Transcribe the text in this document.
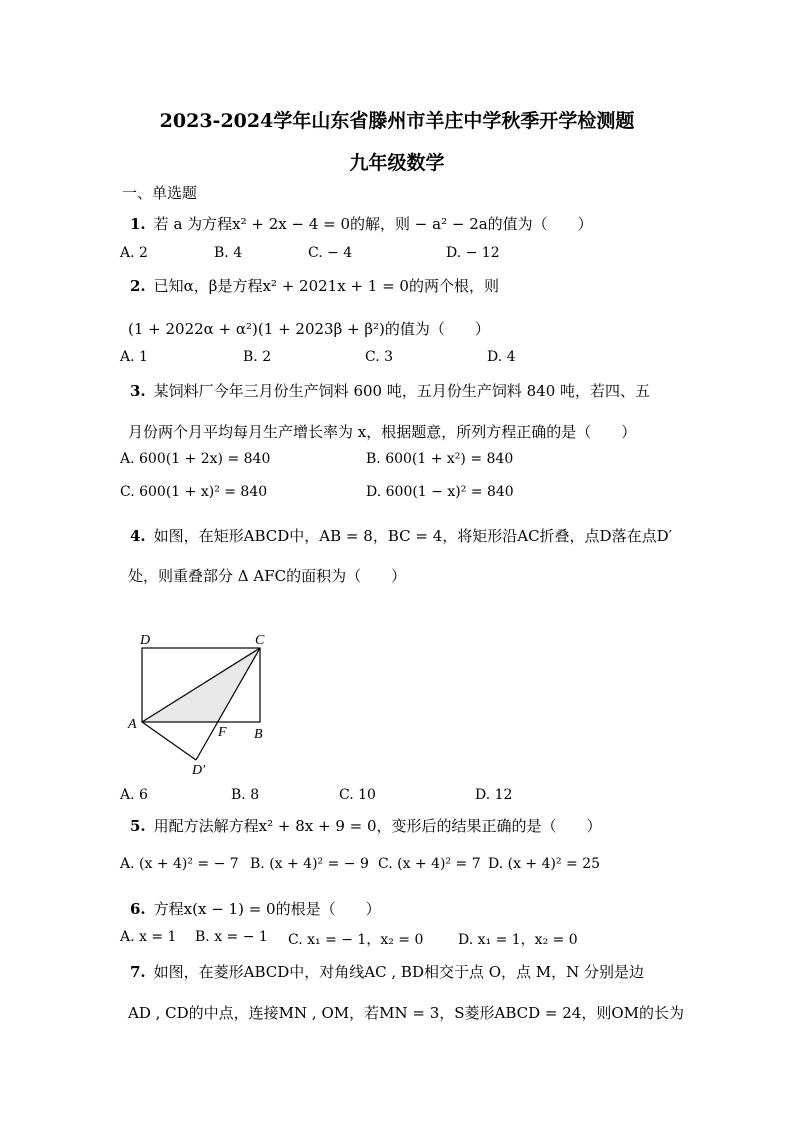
2023-2024学年山东省滕州市羊庄中学秋季开学检测题
九年级数学
一、单选题
1. 若 a 为方程x² + 2x − 4 = 0的解，则 − a² − 2a的值为（　　）
A. 2	B. 4	C. − 4	D. − 12
2. 已知α，β是方程x² + 2021x + 1 = 0的两个根，则
(1 + 2022α + α²)(1 + 2023β + β²)的值为（　　）
A. 1	B. 2	C. 3	D. 4
3. 某饲料厂今年三月份生产饲料 600 吨，五月份生产饲料 840 吨，若四、五
月份两个月平均每月生产增长率为 x，根据题意，所列方程正确的是（　　）
A. 600(1 + 2x) = 840	B. 600(1 + x²) = 840
C. 600(1 + x)² = 840	D. 600(1 − x)² = 840
4. 如图，在矩形ABCD中，AB = 8，BC = 4，将矩形沿AC折叠，点D落在点D′
处，则重叠部分 Δ AFC的面积为（　　）
D	C
A
F B
D′
A. 6	B. 8	C. 10	D. 12
5. 用配方法解方程x² + 8x + 9 = 0，变形后的结果正确的是（　　）
A. (x + 4)² = − 7 B. (x + 4)² = − 9 C. (x + 4)² = 7 D. (x + 4)² = 25
6. 方程x(x − 1) = 0的根是（　　）
A. x = 1 B. x = − 1 C. x₁ = − 1，x₂ = 0 D. x₁ = 1，x₂ = 0
7. 如图，在菱形ABCD中，对角线AC , BD相交于点 O，点 M，N 分别是边
AD , CD的中点，连接MN , OM，若MN = 3，S菱形ABCD = 24，则OM的长为
